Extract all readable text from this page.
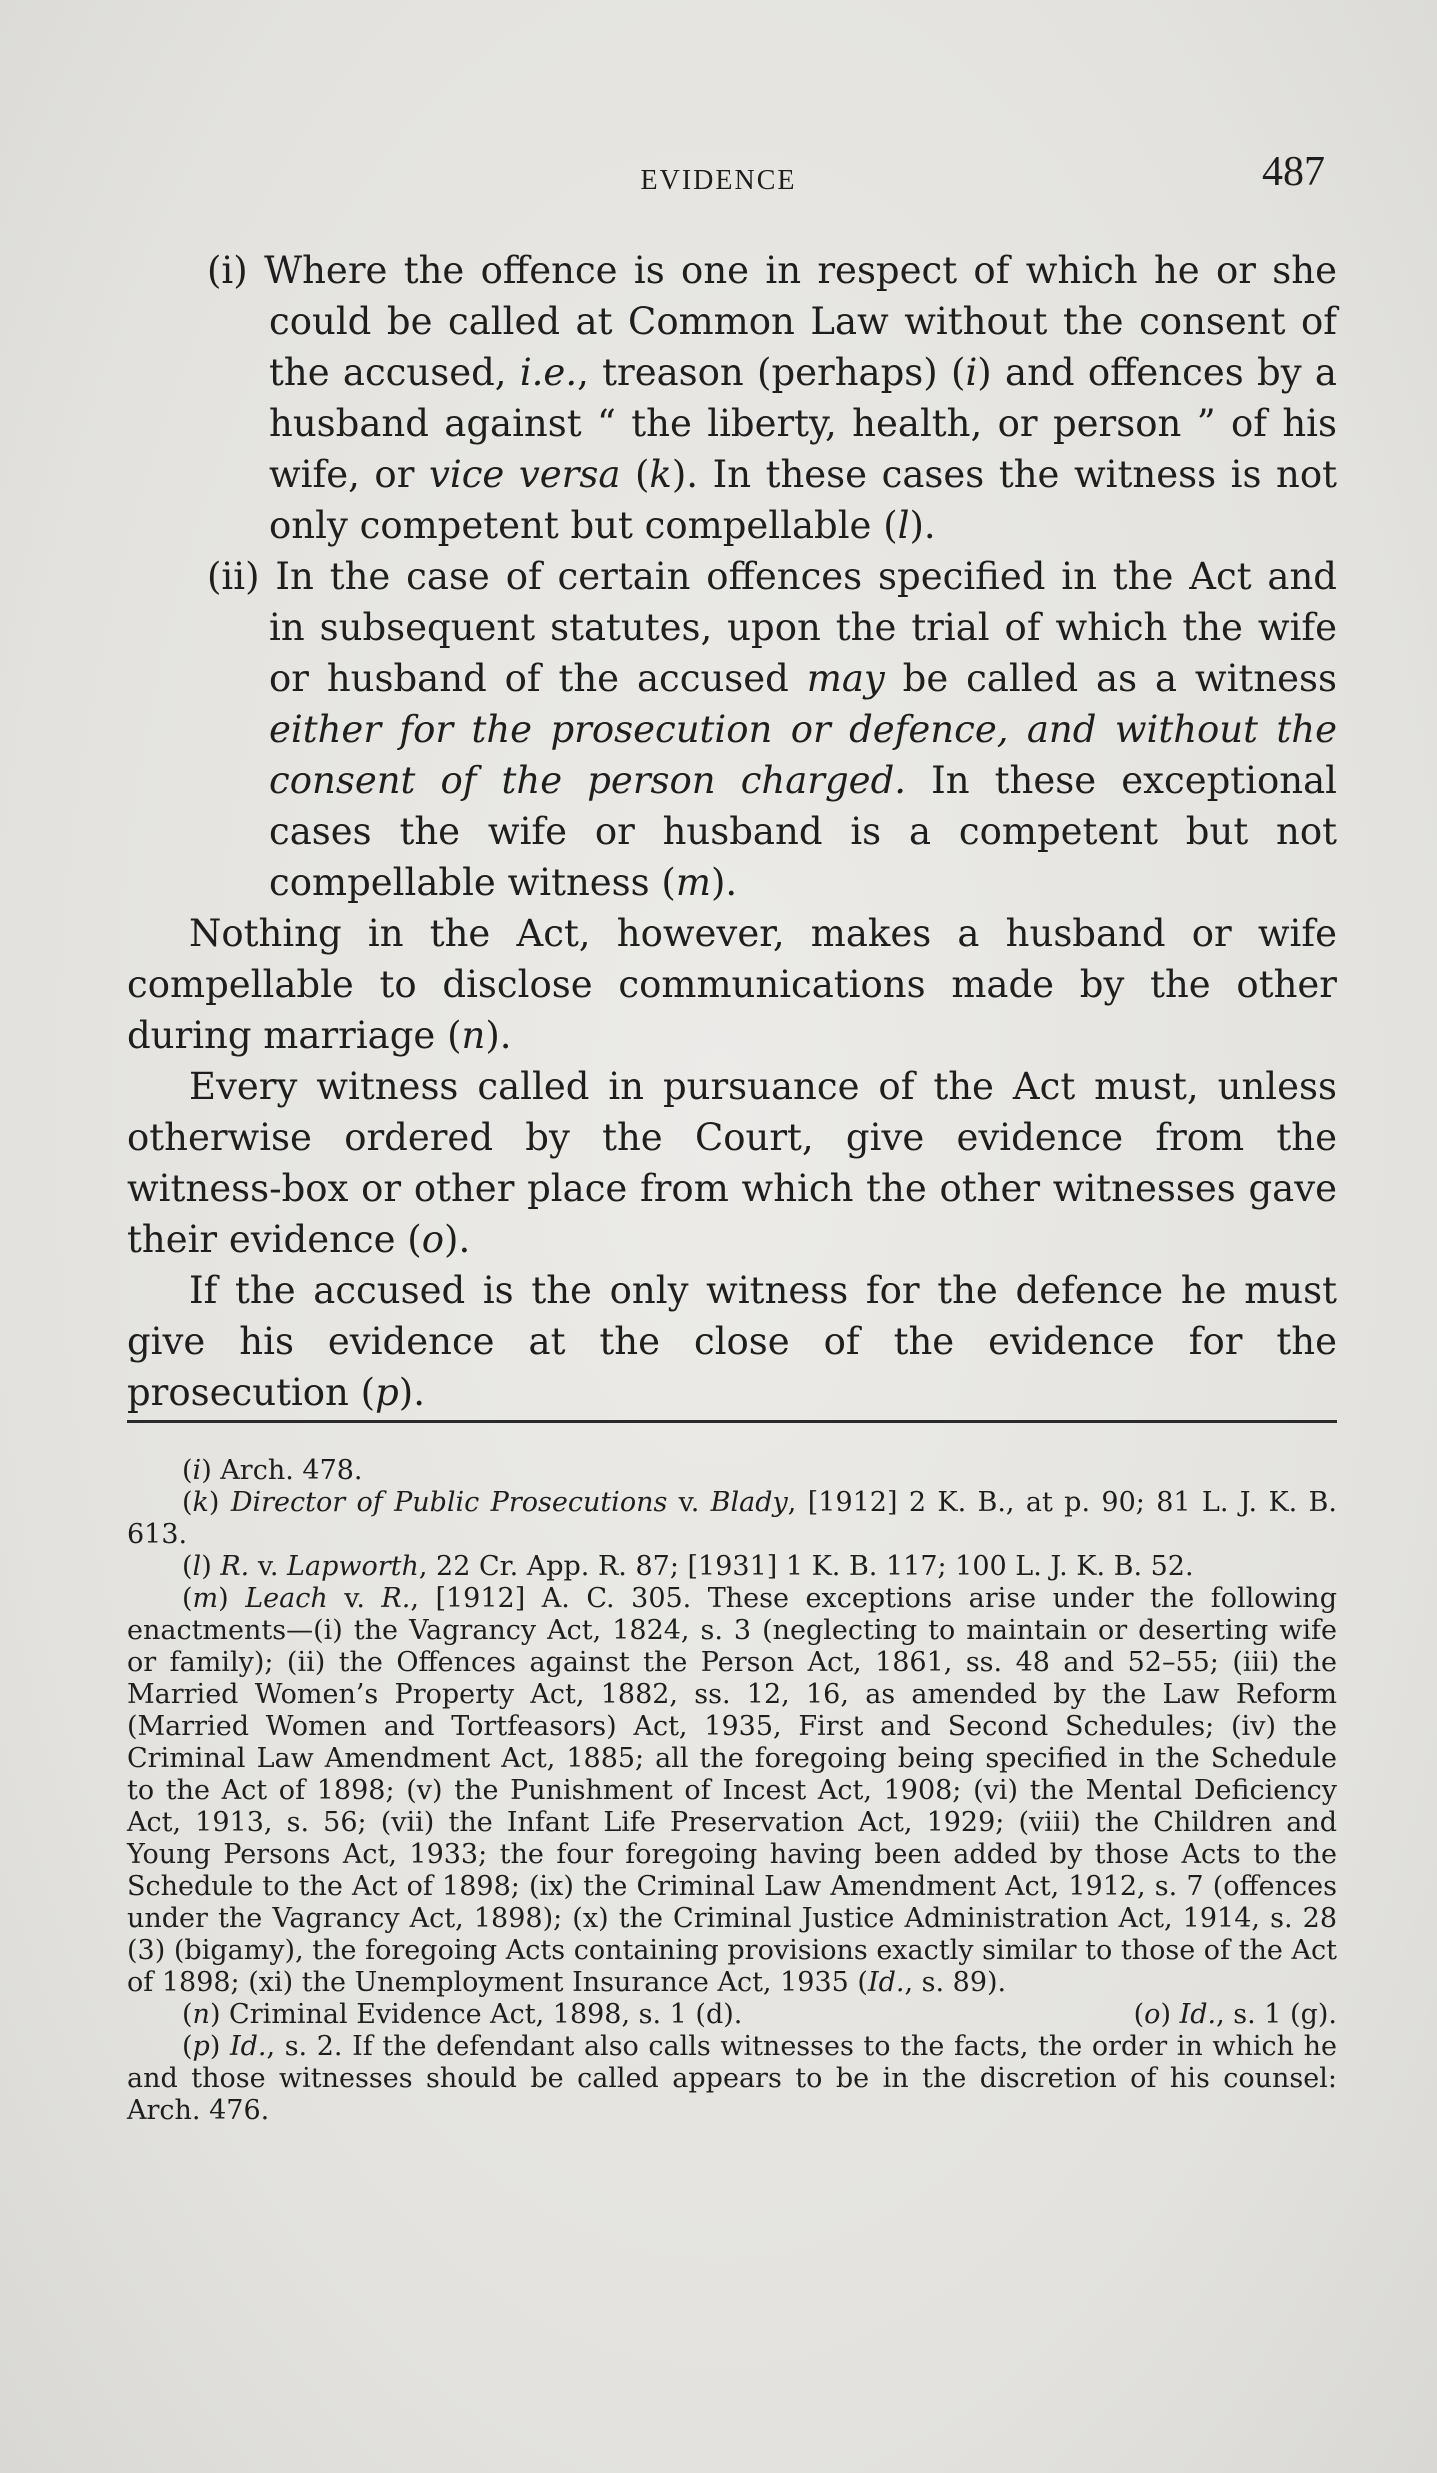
EVIDENCE	487

(i) Where the offence is one in respect of which he or she could be called at Common Law without the consent of the accused, i.e., treason (perhaps) (i) and offences by a husband against “ the liberty, health, or person ” of his wife, or vice versa (k). In these cases the witness is not only competent but compellable (l).

(ii) In the case of certain offences specified in the Act and in subsequent statutes, upon the trial of which the wife or husband of the accused may be called as a witness either for the prosecution or defence, and without the consent of the person charged. In these exceptional cases the wife or husband is a competent but not compellable witness (m).

Nothing in the Act, however, makes a husband or wife compellable to disclose communications made by the other during marriage (n).

Every witness called in pursuance of the Act must, unless otherwise ordered by the Court, give evidence from the witness-box or other place from which the other witnesses gave their evidence (o).

If the accused is the only witness for the defence he must give his evidence at the close of the evidence for the prosecution (p).

(i) Arch. 478.

(k) Director of Public Prosecutions v. Blady, [1912] 2 K. B., at p. 90; 81 L. J. K. B. 613.

(l) R. v. Lapworth, 22 Cr. App. R. 87; [1931] 1 K. B. 117; 100 L. J. K. B. 52.

(m) Leach v. R., [1912] A. C. 305. These exceptions arise under the following enactments—(i) the Vagrancy Act, 1824, s. 3 (neglecting to maintain or deserting wife or family); (ii) the Offences against the Person Act, 1861, ss. 48 and 52–55; (iii) the Married Women’s Property Act, 1882, ss. 12, 16, as amended by the Law Reform (Married Women and Tortfeasors) Act, 1935, First and Second Schedules; (iv) the Criminal Law Amendment Act, 1885; all the foregoing being specified in the Schedule to the Act of 1898; (v) the Punishment of Incest Act, 1908; (vi) the Mental Deficiency Act, 1913, s. 56; (vii) the Infant Life Preservation Act, 1929; (viii) the Children and Young Persons Act, 1933; the four foregoing having been added by those Acts to the Schedule to the Act of 1898; (ix) the Criminal Law Amendment Act, 1912, s. 7 (offences under the Vagrancy Act, 1898); (x) the Criminal Justice Administration Act, 1914, s. 28 (3) (bigamy), the foregoing Acts containing provisions exactly similar to those of the Act of 1898; (xi) the Unemployment Insurance Act, 1935 (Id., s. 89).

(n) Criminal Evidence Act, 1898, s. 1 (d).	(o) Id., s. 1 (g).

(p) Id., s. 2. If the defendant also calls witnesses to the facts, the order in which he and those witnesses should be called appears to be in the discretion of his counsel: Arch. 476.
